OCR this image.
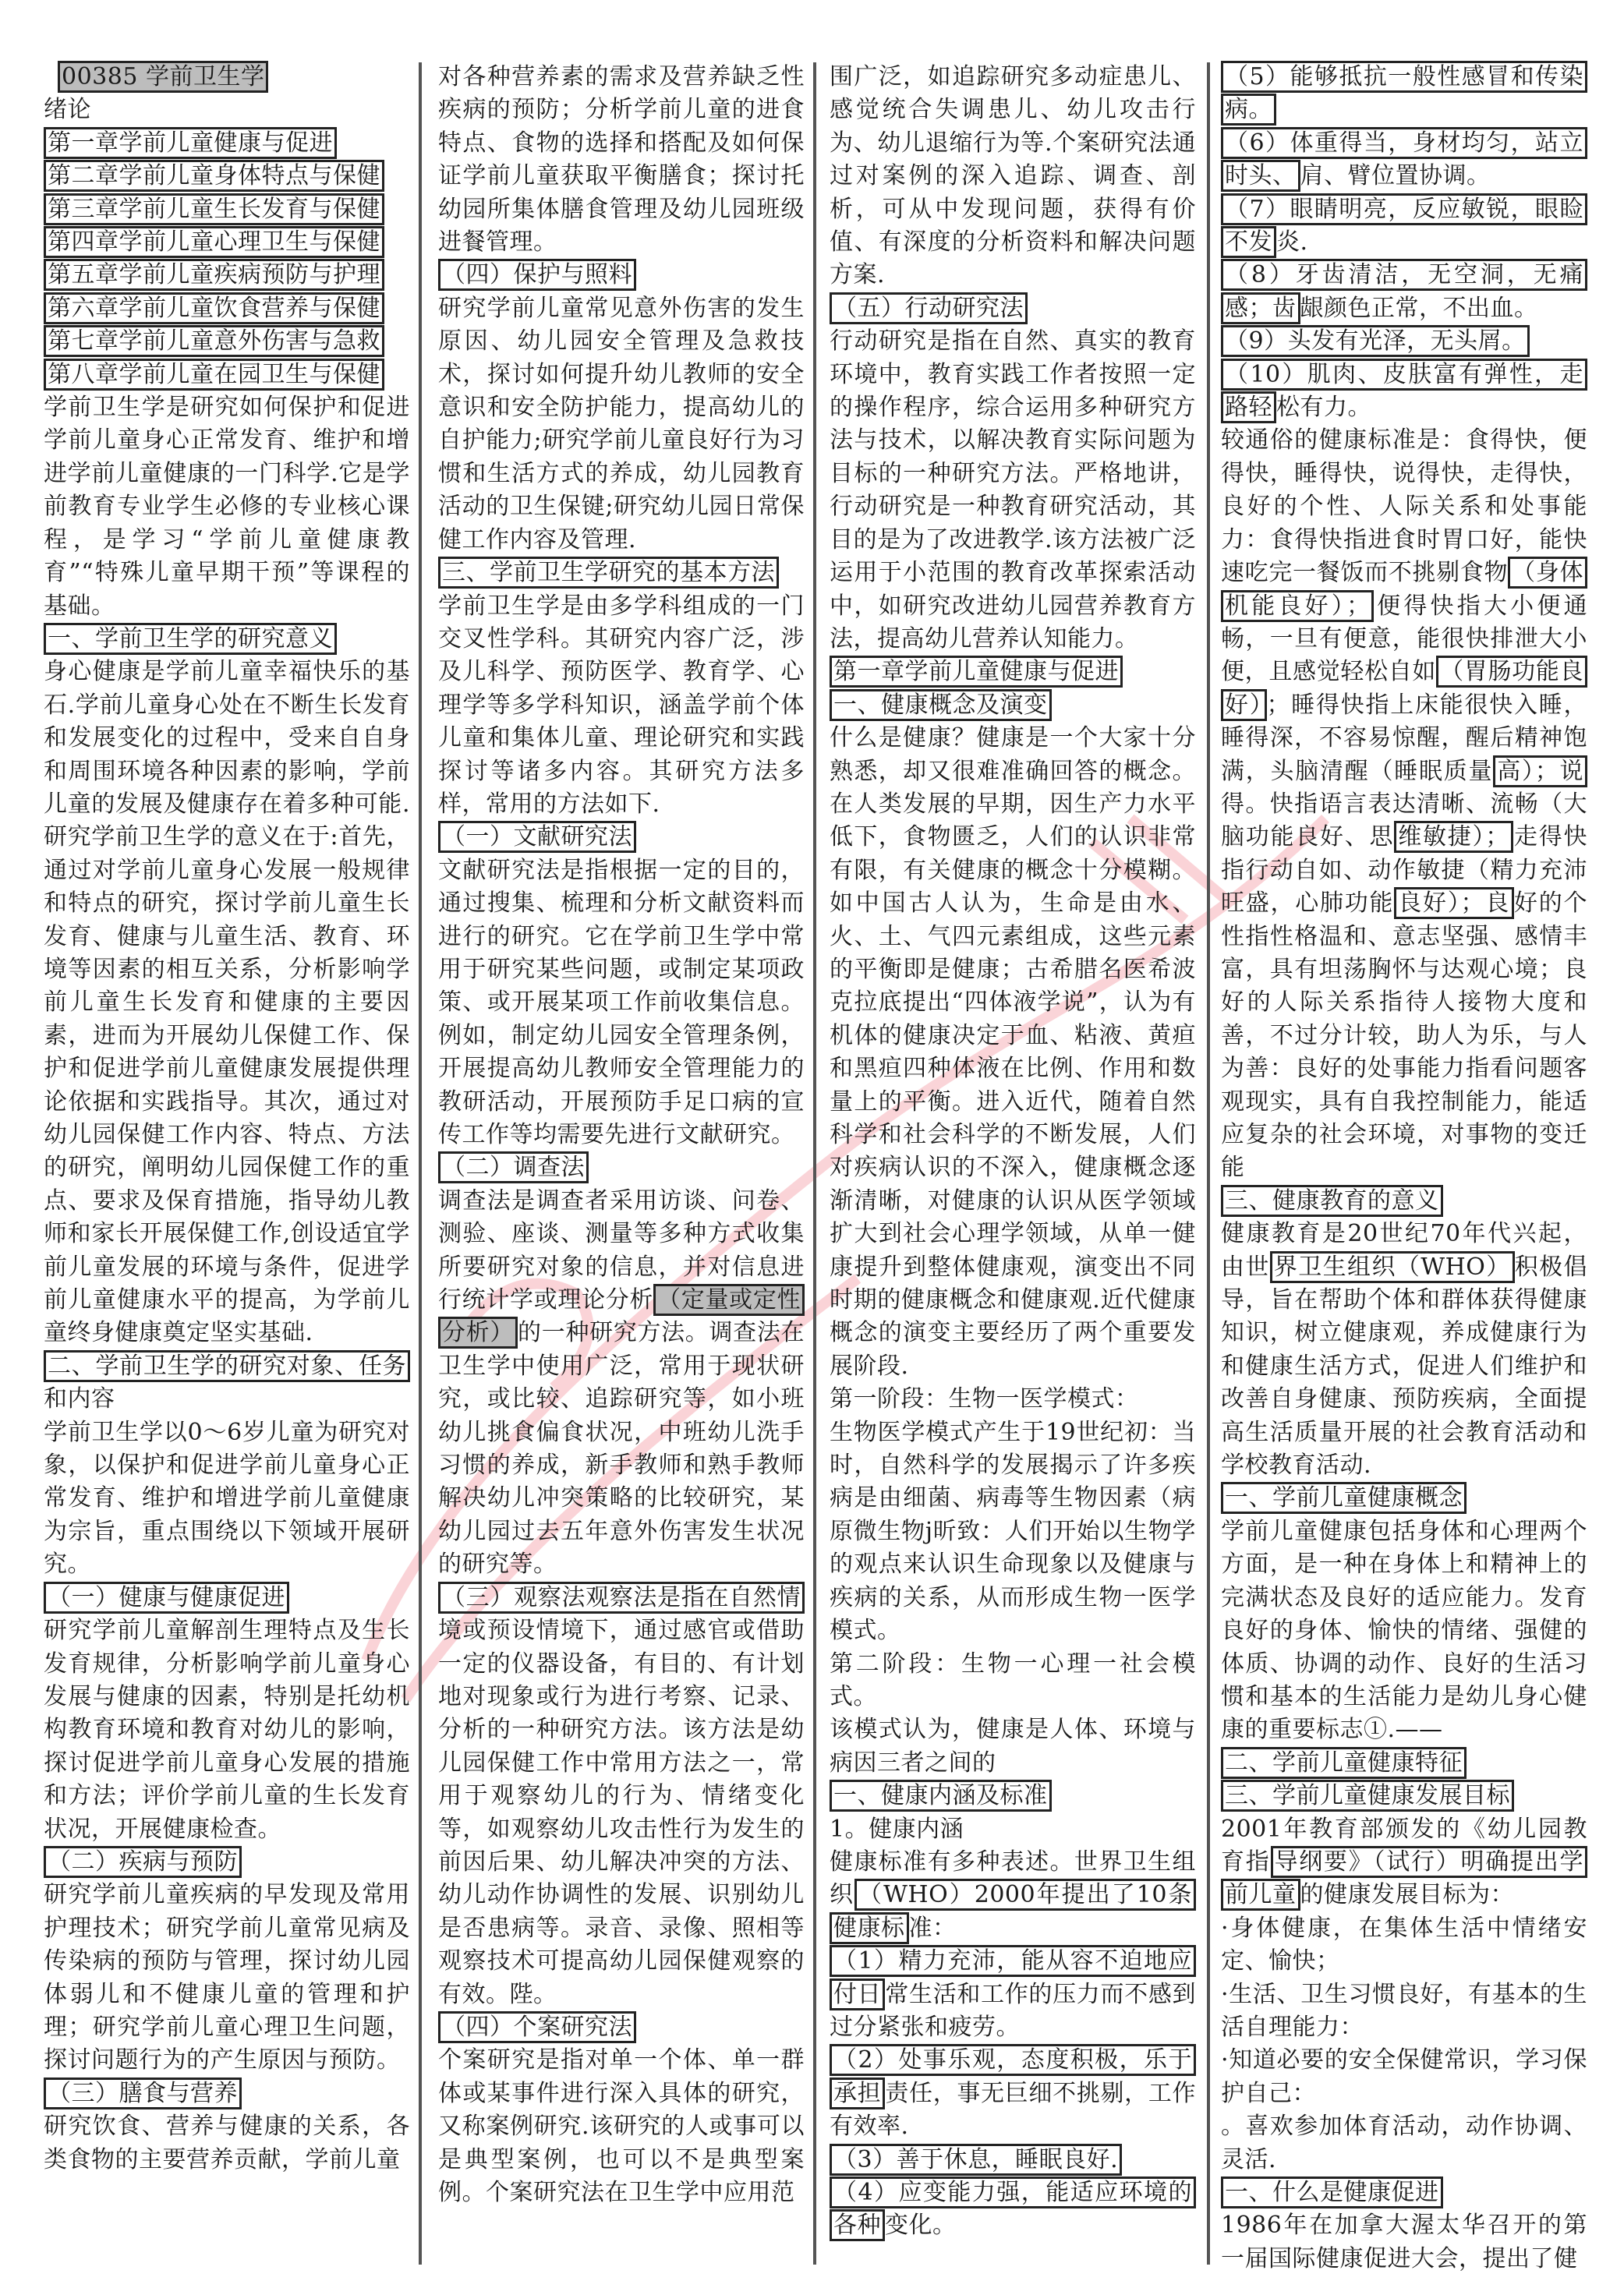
00385 学前卫生学
绪论
第一章学前儿童健康与促进
第二章学前儿童身体特点与保健
第三章学前儿童生长发育与保健
第四章学前儿童心理卫生与保健
第五章学前儿童疾病预防与护理
第六章学前儿童饮食营养与保健
第七章学前儿童意外伤害与急救
第八章学前儿童在园卫生与保健
学前卫生学是研究如何保护和促进学前儿童身心正常发育、维护和增进学前儿童健康的一门科学.它是学前教育专业学生必修的专业核心课程，是学习“学前儿童健康教育”“特殊儿童早期干预”等课程的基础。
一、学前卫生学的研究意义
身心健康是学前儿童幸福快乐的基石.学前儿童身心处在不断生长发育和发展变化的过程中，受来自自身和周围环境各种因素的影响，学前儿童的发展及健康存在着多种可能.研究学前卫生学的意义在于:首先，通过对学前儿童身心发展一般规律和特点的研究，探讨学前儿童生长发育、健康与儿童生活、教育、环境等因素的相互关系，分析影响学前儿童生长发育和健康的主要因素，进而为开展幼儿保健工作、保护和促进学前儿童健康发展提供理论依据和实践指导。其次，通过对幼儿园保健工作内容、特点、方法的研究，阐明幼儿园保健工作的重点、要求及保育措施，指导幼儿教师和家长开展保健工作,创设适宜学前儿童发展的环境与条件，促进学前儿童健康水平的提高，为学前儿童终身健康奠定坚实基础.
二、学前卫生学的研究对象、任务和内容
学前卫生学以0～6岁儿童为研究对象，以保护和促进学前儿童身心正常发育、维护和增进学前儿童健康为宗旨，重点围绕以下领域开展研究。
（一）健康与健康促进
研究学前儿童解剖生理特点及生长发育规律，分析影响学前儿童身心发展与健康的因素，特别是托幼机构教育环境和教育对幼儿的影响，探讨促进学前儿童身心发展的措施和方法；评价学前儿童的生长发育状况，开展健康检查。
（二）疾病与预防
研究学前儿童疾病的早发现及常用护理技术；研究学前儿童常见病及传染病的预防与管理，探讨幼儿园体弱儿和不健康儿童的管理和护理；研究学前儿童心理卫生问题，探讨问题行为的产生原因与预防。
（三）膳食与营养
研究饮食、营养与健康的关系，各类食物的主要营养贡献，学前儿童
对各种营养素的需求及营养缺乏性疾病的预防；分析学前儿童的进食特点、食物的选择和搭配及如何保证学前儿童获取平衡膳食；探讨托幼园所集体膳食管理及幼儿园班级进餐管理。
（四）保护与照料
研究学前儿童常见意外伤害的发生原因、幼儿园安全管理及急救技术，探讨如何提升幼儿教师的安全意识和安全防护能力，提高幼儿的自护能力;研究学前儿童良好行为习惯和生活方式的养成，幼儿园教育活动的卫生保键;研究幼儿园日常保健工作内容及管理.
三、学前卫生学研究的基本方法
学前卫生学是由多学科组成的一门交叉性学科。其研究内容广泛，涉及儿科学、预防医学、教育学、心理学等多学科知识，涵盖学前个体儿童和集体儿童、理论研究和实践探讨等诸多内容。其研究方法多样，常用的方法如下.
（一）文献研究法
文献研究法是指根据一定的目的，通过搜集、梳理和分析文献资料而进行的研究。它在学前卫生学中常用于研究某些问题，或制定某项政策、或开展某项工作前收集信息。例如，制定幼儿园安全管理条例，开展提高幼儿教师安全管理能力的教研活动，开展预防手足口病的宣传工作等均需要先进行文献研究。
（二）调查法
调查法是调查者采用访谈、问卷、测验、座谈、测量等多种方式收集所要研究对象的信息，并对信息进行统计学或理论分析 （定量或定性分析） 的一种研究方法。调查法在卫生学中使用广泛，常用于现状研究，或比较、追踪研究等，如小班幼儿挑食偏食状况，中班幼儿洗手习惯的养成，新手教师和熟手教师解决幼儿冲突策略的比较研究，某幼儿园过去五年意外伤害发生状况的研究等。
（三）观察法观察法是指在自然情境或预设情境下，通过感官或借助一定的仪器设备，有目的、有计划地对现象或行为进行考察、记录、分析的一种研究方法。该方法是幼儿园保健工作中常用方法之一，常用于观察幼儿的行为、情绪变化等，如观察幼儿攻击性行为发生的前因后果、幼儿解决冲突的方法、幼儿动作协调性的发展、识别幼儿是否患病等。录音、录像、照相等观察技术可提高幼儿园保健观察的有效。陛。
（四）个案研究法
个案研究是指对单一个体、单一群体或某事件进行深入具体的研究，又称案例研究.该研究的人或事可以是典型案例，也可以不是典型案例。个案研究法在卫生学中应用范
围广泛，如追踪研究多动症患儿、感觉统合失调患儿、幼儿攻击行为、幼儿退缩行为等.个案研究法通过对案例的深入追踪、调查、剖析，可从中发现问题，获得有价值、有深度的分析资料和解决问题方案.
（五）行动研究法
行动研究是指在自然、真实的教育环境中，教育实践工作者按照一定的操作程序，综合运用多种研究方法与技术，以解决教育实际问题为目标的一种研究方法。严格地讲，行动研究是一种教育研究活动，其目的是为了改进教学.该方法被广泛运用于小范围的教育改革探索活动中，如研究改进幼儿园营养教育方法，提高幼儿营养认知能力。
第一章学前儿童健康与促进
一、健康概念及演变
什么是健康？健康是一个大家十分熟悉，却又很难准确回答的概念。在人类发展的早期，因生产力水平低下，食物匮乏，人们的认识非常有限，有关健康的概念十分模糊。如中国古人认为，生命是由水、火、土、气四元素组成，这些元素的平衡即是健康；古希腊名医希波克拉底提出“四体液学说”，认为有机体的健康决定于血、粘液、黄疸和黑疸四种体液在比例、作用和数量上的平衡。进入近代，随着自然科学和社会科学的不断发展，人们对疾病认识的不深入，健康概念逐渐清晰，对健康的认识从医学领域扩大到社会心理学领域，从单一健康提升到整体健康观，演变出不同时期的健康概念和健康观.近代健康概念的演变主要经历了两个重要发展阶段.
第一阶段：生物一医学模式：
生物医学模式产生于19世纪初：当时，自然科学的发展揭示了许多疾病是由细菌、病毒等生物因素（病原微生物j昕致：人们开始以生物学的观点来认识生命现象以及健康与疾病的关系，从而形成生物一医学模式。
第二阶段：生物一心理一社会模式。
该模式认为，健康是人体、环境与病因三者之间的
一、健康内涵及标准
1。健康内涵
健康标准有多种表述。世界卫生组织 （WHO）2000年提出了10条健康标 准：
（1）精力充沛，能从容不迫地应付日 常生活和工作的压力而不感到过分紧张和疲劳。
（2）处事乐观，态度积极，乐于承担 责任，事无巨细不挑剔，工作有效率.
（3）善于休息，睡眠良好.
（4）应变能力强，能适应环境的各种 变化。
（5）能够抵抗一般性感冒和传染病。
（6）体重得当，身材均匀，站立时头、 肩、臂位置协调。
（7）眼睛明亮，反应敏锐，眼睑不发 炎.
（8）牙齿清洁，无空洞，无痛感；齿 龈颜色正常，不出血。
（9）头发有光泽，无头屑。
（10）肌肉、皮肤富有弹性，走路轻 松有力。
较通俗的健康标准是：食得快，便得快，睡得快，说得快，走得快，良好的个性、人际关系和处事能力：食得快指进食时胃口好，能快速吃完一餐饭而不挑剔食物 （身体机能良好）； 便得快指大小便通畅，一旦有便意，能很快排泄大小便，且感觉轻松自如 （胃肠功能良好） ；睡得快指上床能很快入睡，睡得深，不容易惊醒，醒后精神饱满，头脑清醒（睡眠质量 高）；说得。快指语言表达清晰、流畅（大脑功能良好、思 维敏捷）； 走得快指行动自如、动作敏捷（精力充沛旺盛，心肺功能 良好）；良 好的个性指性格温和、意志坚强、感情丰富，具有坦荡胸怀与达观心境；良好的人际关系指待人接物大度和善，不过分计较，助人为乐，与人为善：良好的处事能力指看问题客观现实，具有自我控制能力，能适应复杂的社会环境，对事物的变迁能
三、健康教育的意义
健康教育是20世纪70年代兴起，由世 界卫生组织（WHO） 积极倡导，旨在帮助个体和群体获得健康知识，树立健康观，养成健康行为和健康生活方式，促进人们维护和改善自身健康、预防疾病，全面提高生活质量开展的社会教育活动和学校教育活动.
一、学前儿童健康概念
学前儿童健康包括身体和心理两个方面，是一种在身体上和精神上的完满状态及良好的适应能力。发育良好的身体、愉快的情绪、强健的体质、协调的动作、良好的生活习惯和基本的生活能力是幼儿身心健康的重要标志①.——
二、学前儿童健康特征
三、学前儿童健康发展目标
2001年教育部颁发的《幼儿园教育指 导纲要》（试行）明确提出学前儿童 的健康发展目标为：
·身体健康，在集体生活中情绪安定、愉快；
·生活、卫生习惯良好，有基本的生活自理能力：
·知道必要的安全保健常识，学习保护自己：
。喜欢参加体育活动，动作协调、灵活.
一、什么是健康促进
1986年在加拿大渥太华召开的第一届国际健康促进大会，提出了健
